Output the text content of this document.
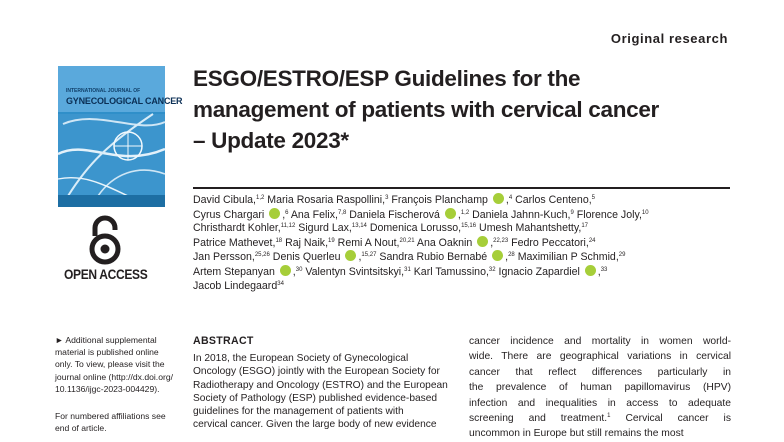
Original research
INTERNATIONAL JOURNAL OF
GYNECOLOGICAL CANCER
OPEN ACCESS
ESGO/ESTRO/ESP Guidelines for the
management of patients with cervical cancer
– Update 2023*
David Cibula,$^{1,2}$ Maria Rosaria Raspollini,$^3$ François Planchamp ,$^4$ Carlos Centeno,$^5$
Cyrus Chargari ,$^6$ Ana Felix,$^{7,8}$ Daniela Fischerová ,$^{1,2}$ Daniela Jahnn-Kuch,$^9$ Florence Joly,$^{10}$
Christhardt Kohler,$^{11,12}$ Sigurd Lax,$^{13,14}$ Domenica Lorusso,$^{15,16}$ Umesh Mahantshetty,$^{17}$
Patrice Mathevet,$^{18}$ Raj Naik,$^{19}$ Remi A Nout,$^{20,21}$ Ana Oaknin ,$^{22,23}$ Fedro Peccatori,$^{24}$
Jan Persson,$^{25,26}$ Denis Querleu ,$^{15,27}$ Sandra Rubio Bernabé ,$^{28}$ Maximilian P Schmid,$^{29}$
Artem Stepanyan ,$^{30}$ Valentyn Svintsitskyi,$^{31}$ Karl Tamussino,$^{32}$ Ignacio Zapardiel ,$^{33}$
Jacob Lindegaard$^{34}$
► Additional supplemental
material is published online
only. To view, please visit the
journal online (http://dx.doi.org/
10.1136/ijgc-2023-004429).
For numbered affiliations see
end of article.
ABSTRACT
In 2018, the European Society of Gynecological
Oncology (ESGO) jointly with the European Society for
Radiotherapy and Oncology (ESTRO) and the European
Society of Pathology (ESP) published evidence-based
guidelines for the management of patients with
cervical cancer. Given the large body of new evidence
cancer incidence and mortality in women world-
wide. There are geographical variations in cervical
cancer that reflect differences particularly in
the prevalence of human papillomavirus (HPV)
infection and inequalities in access to adequate
screening and treatment.$^1$ Cervical cancer is
uncommon in Europe but still remains the most
